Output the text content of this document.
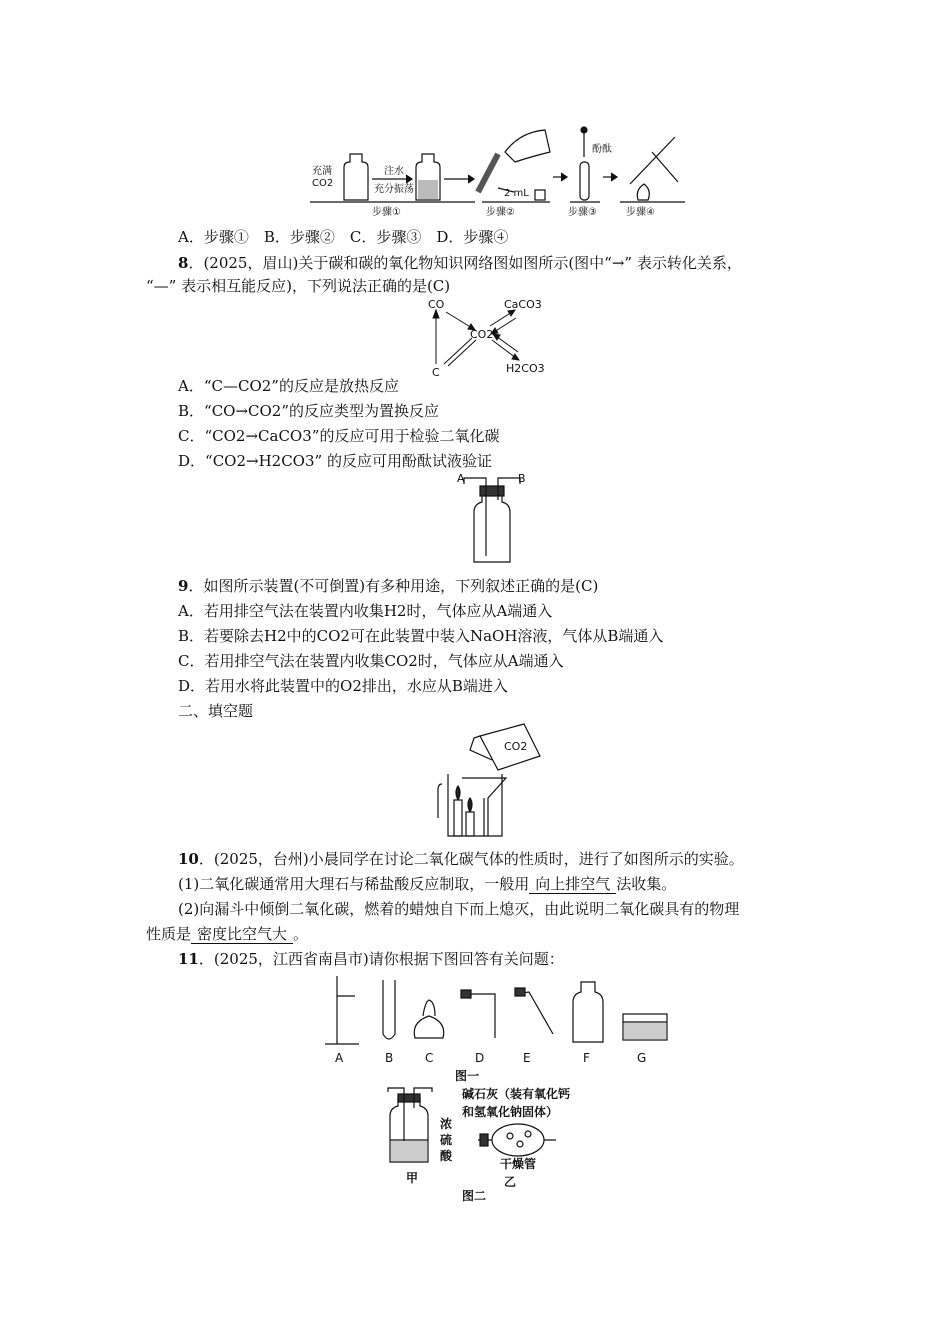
充满
CO2
注水
充分振荡	2 mL
酚酞
步骤①	步骤②	步骤③	步骤④
A．步骤①　B．步骤②　C．步骤③　D．步骤④
8．(2025，眉山)关于碳和碳的氧化物知识网络图如图所示(图中“→” 表示转化关系，
“—” 表示相互能反应)，下列说法正确的是(C)
CO	CaCO3
CO2
C	H2CO3
A．“C—CO2”的反应是放热反应
B．“CO→CO2”的反应类型为置换反应
C．“CO2→CaCO3”的反应可用于检验二氧化碳
D．“CO2→H2CO3” 的反应可用酚酞试液验证
A	B
9．如图所示装置(不可倒置)有多种用途，下列叙述正确的是(C)
A．若用排空气法在装置内收集H2时，气体应从A端通入
B．若要除去H2中的CO2可在此装置中装入NaOH溶液，气体从B端通入
C．若用排空气法在装置内收集CO2时，气体应从A端通入
D．若用水将此装置中的O2排出，水应从B端进入
二、填空题
CO2
10．(2025，台州)小晨同学在讨论二氧化碳气体的性质时，进行了如图所示的实验。
(1)二氧化碳通常用大理石与稀盐酸反应制取，一般用 向上排空气 法收集。
(2)向漏斗中倾倒二氧化碳，燃着的蜡烛自下而上熄灭，由此说明二氧化碳具有的物理
性质是 密度比空气大 。
11．(2025，江西省南昌市)请你根据下图回答有关问题：
A	B	C	D	E	F	G
图一
浓
硫
酸
碱石灰（装有氧化钙
和氢氧化钠固体）
干燥管
甲	乙
图二
